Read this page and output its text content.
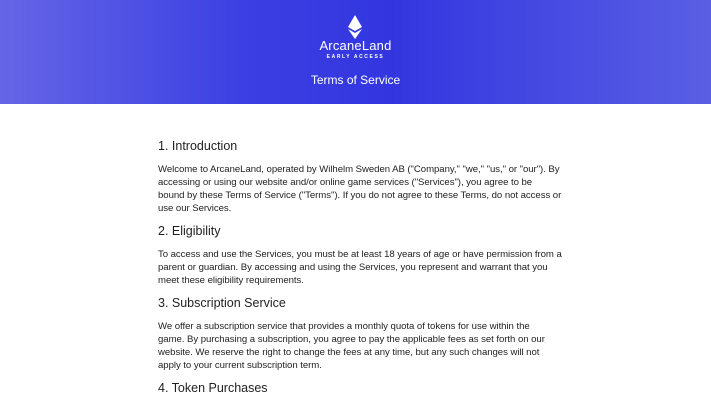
ArcaneLand
EARLY ACCESS
Terms of Service
1. Introduction

Welcome to ArcaneLand, operated by Wilhelm Sweden AB ("Company," "we," "us," or "our"). By
accessing or using our website and/or online game services ("Services"), you agree to be
bound by these Terms of Service ("Terms"). If you do not agree to these Terms, do not access or
use our Services.

2. Eligibility

To access and use the Services, you must be at least 18 years of age or have permission from a
parent or guardian. By accessing and using the Services, you represent and warrant that you
meet these eligibility requirements.

3. Subscription Service

We offer a subscription service that provides a monthly quota of tokens for use within the
game. By purchasing a subscription, you agree to pay the applicable fees as set forth on our
website. We reserve the right to change the fees at any time, but any such changes will not
apply to your current subscription term.

4. Token Purchases
